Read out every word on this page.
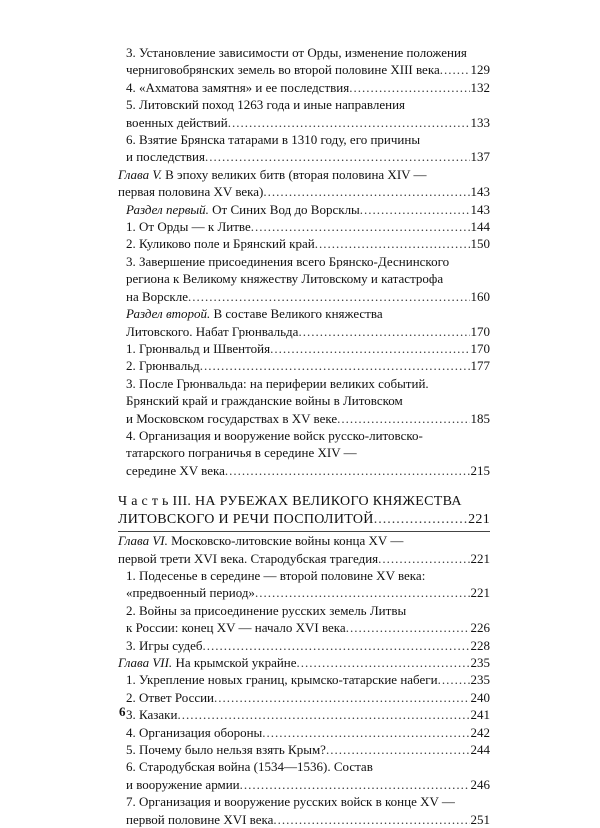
3. Установление зависимости от Орды, изменение положения
черниговобрянских земель во второй половине XIII века ..... 129
4. «Ахматова замятня» и ее последствия .....	132
5. Литовский поход 1263 года и иные направления
военных действий .....	133
6. Взятие Брянска татарами в 1310 году, его причины
и последствия .....	137
Глава V. В эпоху великих битв (вторая половина XIV —
первая половина XV века) .....	143
Раздел первый. От Синих Вод до Ворсклы .....	143
1. От Орды — к Литве .....	144
2. Куликово поле и Брянский край .....	150
3. Завершение присоединения всего Брянско-Деснинского
региона к Великому княжеству Литовскому и катастрофа
на Ворскле .....	160
Раздел второй. В составе Великого княжества
Литовского. Набат Грюнвальда .....	170
1. Грюнвальд и Швентойя .....	170
2. Грюнвальд .....	177
3. После Грюнвальда: на периферии великих событий.
Брянский край и гражданские войны в Литовском
и Московском государствах в XV веке .....	185
4. Организация и вооружение войск русско-литовско-
татарского пограничья в середине XIV —
середине XV века .....	215
Ч а с т ь III. НА РУБЕЖАХ ВЕЛИКОГО КНЯЖЕСТВА
ЛИТОВСКОГО И РЕЧИ ПОСПОЛИТОЙ .....	221
Глава VI. Московско-литовские войны конца XV —
первой трети XVI века. Стародубская трагедия .....	221
1. Подесенье в середине — второй половине XV века:
«предвоенный период» .....	221
2. Войны за присоединение русских земель Литвы
к России: конец XV — начало XVI века .....	226
3. Игры судеб .....	228
Глава VII. На крымской украйне .....	235
1. Укрепление новых границ, крымско-татарские набеги .....	235
2. Ответ России .....	240
3. Казаки .....	241
4. Организация обороны .....	242
5. Почему было нельзя взять Крым? .....	244
6. Стародубская война (1534—1536). Состав
и вооружение армии .....	246
7. Организация и вооружение русских войск в конце XV —
первой половине XVI века .....	251
6
